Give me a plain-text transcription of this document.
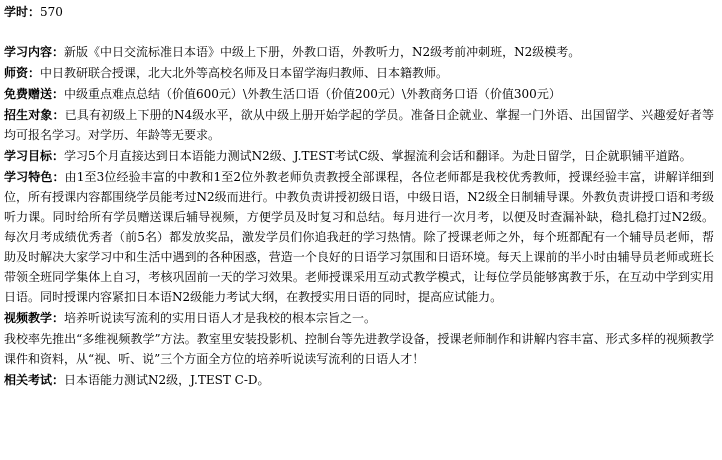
学时：570

学习内容：新版《中日交流标准日本语》中级上下册，外教口语，外教听力，N2级考前冲刺班，N2级模考。

师资：中日教研联合授课，北大北外等高校名师及日本留学海归教师、日本籍教师。

免费赠送：中级重点难点总结（价值600元）\外教生活口语（价值200元）\外教商务口语（价值300元）

招生对象：已具有初级上下册的N4级水平，欲从中级上册开始学起的学员。准备日企就业、掌握一门外语、出国留学、兴趣爱好者等均可报名学习。对学历、年龄等无要求。

学习目标：学习5个月直接达到日本语能力测试N2级、J.TEST考试C级、掌握流利会话和翻译。为赴日留学，日企就职铺平道路。

学习特色：由1至3位经验丰富的中教和1至2位外教老师负责教授全部课程，各位老师都是我校优秀教师，授课经验丰富，讲解详细到位，所有授课内容都围绕学员能考过N2级而进行。中教负责讲授初级日语，中级日语，N2级全日制辅导课。外教负责讲授口语和考级听力课。同时给所有学员赠送课后辅导视频，方便学员及时复习和总结。每月进行一次月考，以便及时查漏补缺，稳扎稳打过N2级。每次月考成绩优秀者（前5名）都发放奖品，激发学员们你追我赶的学习热情。除了授课老师之外，每个班都配有一个辅导员老师，帮助及时解决大家学习中和生活中遇到的各种困惑，营造一个良好的日语学习氛围和日语环境。每天上课前的半小时由辅导员老师或班长带领全班同学集体上自习，考核巩固前一天的学习效果。老师授课采用互动式教学模式，让每位学员能够寓教于乐，在互动中学到实用日语。同时授课内容紧扣日本语N2级能力考试大纲，在教授实用日语的同时，提高应试能力。

视频教学：培养听说读写流利的实用日语人才是我校的根本宗旨之一。

我校率先推出“多维视频教学”方法。教室里安装投影机、控制台等先进教学设备，授课老师制作和讲解内容丰富、形式多样的视频教学课件和资料，从“视、听、说”三个方面全方位的培养听说读写流利的日语人才！

相关考试：日本语能力测试N2级，J.TEST C-D。
